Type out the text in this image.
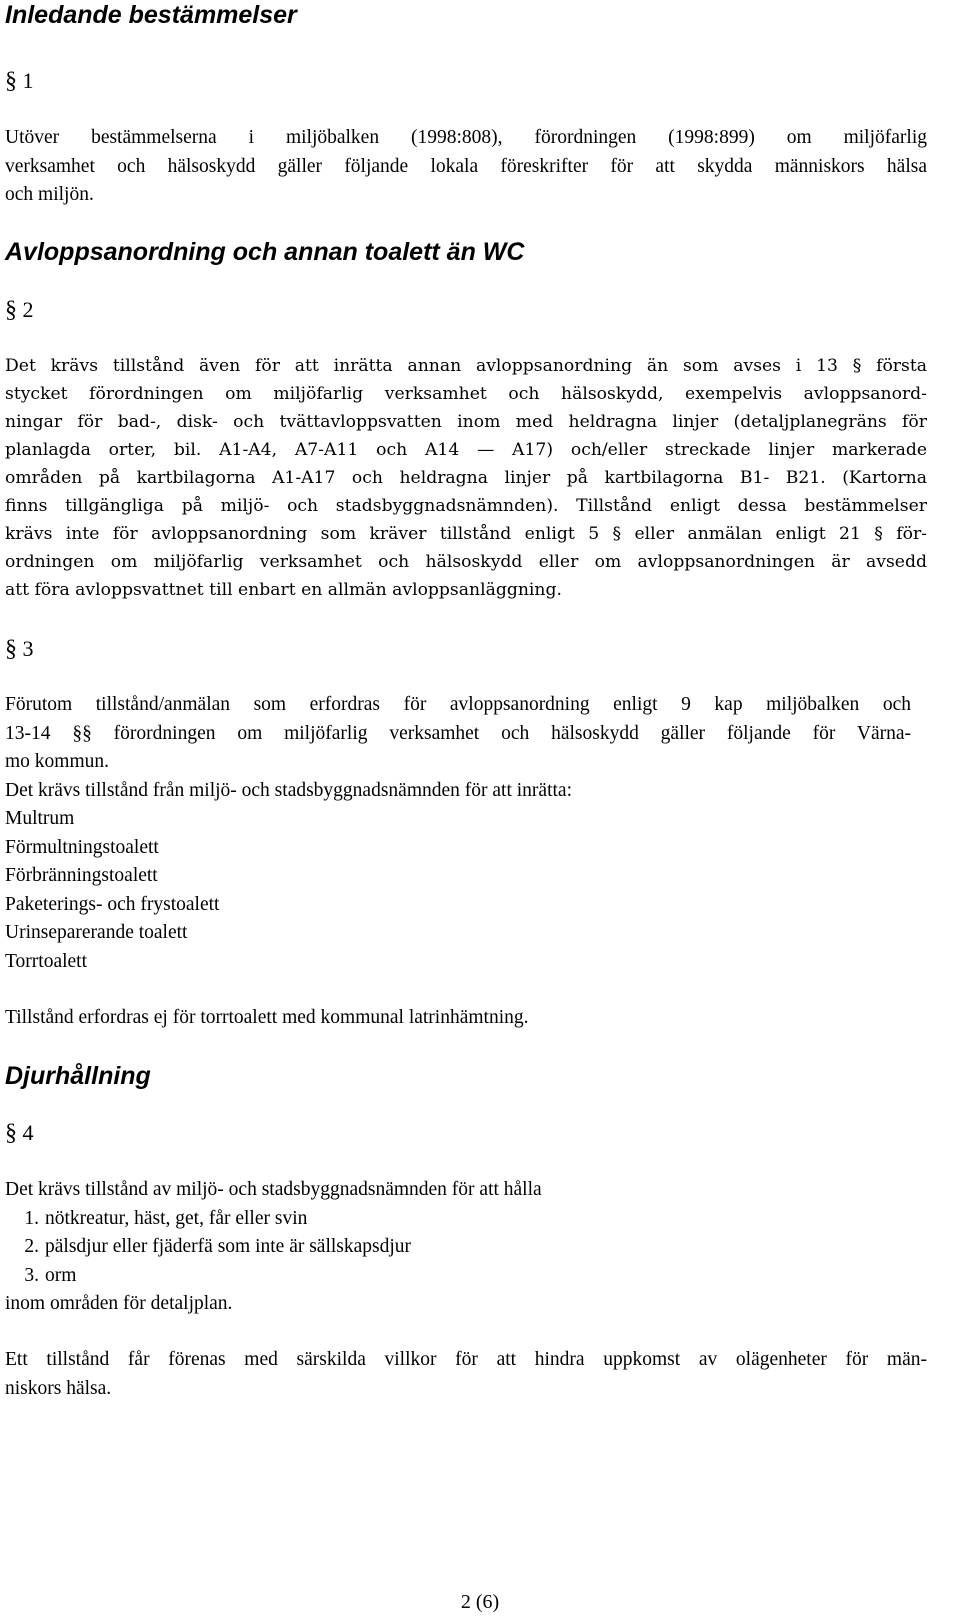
Inledande bestämmelser
§ 1
Utöver bestämmelserna i miljöbalken (1998:808), förordningen (1998:899) om miljöfarlig
verksamhet och hälsoskydd gäller följande lokala föreskrifter för att skydda människors hälsa
och miljön.
Avloppsanordning och annan toalett än WC
§ 2
Det krävs tillstånd även för att inrätta annan avloppsanordning än som avses i 13 § första
stycket förordningen om miljöfarlig verksamhet och hälsoskydd, exempelvis avloppsanord-
ningar för bad-, disk- och tvättavloppsvatten inom med heldragna linjer (detaljplanegräns för
planlagda orter, bil. A1-A4, A7-A11 och A14 — A17) och/eller streckade linjer markerade
områden på kartbilagorna A1-A17 och heldragna linjer på kartbilagorna B1- B21. (Kartorna
finns tillgängliga på miljö- och stadsbyggnadsnämnden). Tillstånd enligt dessa bestämmelser
krävs inte för avloppsanordning som kräver tillstånd enligt 5 § eller anmälan enligt 21 § för-
ordningen om miljöfarlig verksamhet och hälsoskydd eller om avloppsanordningen är avsedd
att föra avloppsvattnet till enbart en allmän avloppsanläggning.
§ 3
Förutom tillstånd/anmälan som erfordras för avloppsanordning enligt 9 kap miljöbalken och
13-14 §§ förordningen om miljöfarlig verksamhet och hälsoskydd gäller följande för Värna-
mo kommun.
Det krävs tillstånd från miljö- och stadsbyggnadsnämnden för att inrätta:
Multrum
Förmultningstoalett
Förbränningstoalett
Paketerings- och frystoalett
Urinseparerande toalett
Torrtoalett
Tillstånd erfordras ej för torrtoalett med kommunal latrinhämtning.
Djurhållning
§ 4
Det krävs tillstånd av miljö- och stadsbyggnadsnämnden för att hålla
1. nötkreatur, häst, get, får eller svin
2. pälsdjur eller fjäderfä som inte är sällskapsdjur
3. orm
inom områden för detaljplan.
Ett tillstånd får förenas med särskilda villkor för att hindra uppkomst av olägenheter för män-
niskors hälsa.
2 (6)
